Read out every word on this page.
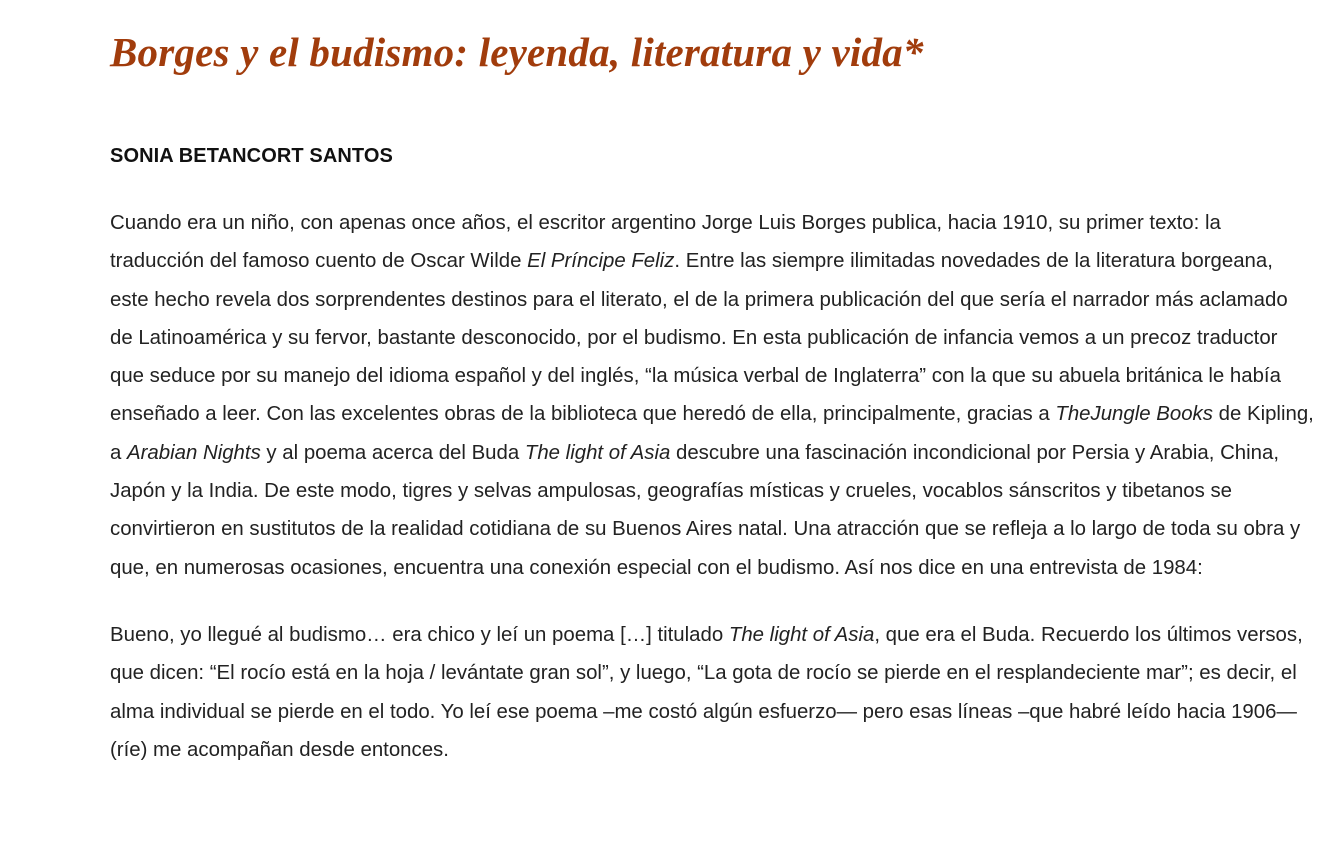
Borges y el budismo: leyenda, literatura y vida*
SONIA BETANCORT SANTOS

Cuando era un niño, con apenas once años, el escritor argentino Jorge Luis Borges publica, hacia 1910, su primer texto: la traducción del famoso cuento de Oscar Wilde El Príncipe Feliz. Entre las siempre ilimitadas novedades de la literatura borgeana, este hecho revela dos sorprendentes destinos para el literato, el de la primera publicación del que sería el narrador más aclamado de Latinoamérica y su fervor, bastante desconocido, por el budismo. En esta publicación de infancia vemos a un precoz traductor que seduce por su manejo del idioma español y del inglés, “la música verbal de Inglaterra” con la que su abuela británica le había enseñado a leer. Con las excelentes obras de la biblioteca que heredó de ella, principalmente, gracias a TheJungle Books de Kipling, a Arabian Nights y al poema acerca del Buda The light of Asia descubre una fascinación incondicional por Persia y Arabia, China, Japón y la India. De este modo, tigres y selvas ampulosas, geografías místicas y crueles, vocablos sánscritos y tibetanos se convirtieron en sustitutos de la realidad cotidiana de su Buenos Aires natal. Una atracción que se refleja a lo largo de toda su obra y que, en numerosas ocasiones, encuentra una conexión especial con el budismo. Así nos dice en una entrevista de 1984:

Bueno, yo llegué al budismo… era chico y leí un poema […] titulado The light of Asia, que era el Buda. Recuerdo los últimos versos, que dicen: “El rocío está en la hoja / levántate gran sol”, y luego, “La gota de rocío se pierde en el resplandeciente mar”; es decir, el alma individual se pierde en el todo. Yo leí ese poema –me costó algún esfuerzo— pero esas líneas –que habré leído hacia 1906— (ríe) me acompañan desde entonces.
